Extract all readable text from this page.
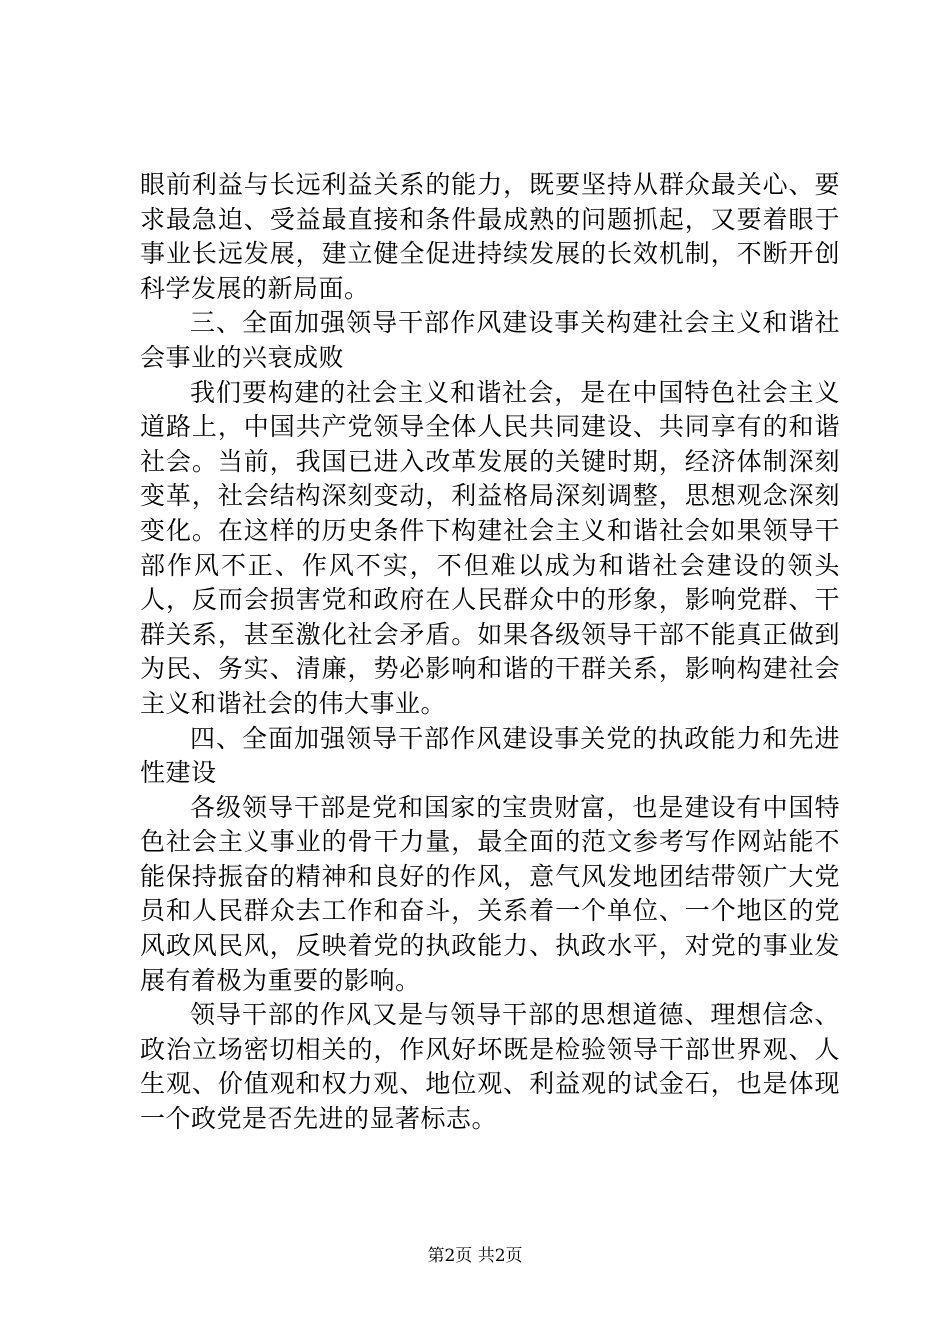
眼前利益与长远利益关系的能力，既要坚持从群众最关心、要求最急迫、受益最直接和条件最成熟的问题抓起，又要着眼于事业长远发展，建立健全促进持续发展的长效机制，不断开创科学发展的新局面。

三、全面加强领导干部作风建设事关构建社会主义和谐社会事业的兴衰成败

我们要构建的社会主义和谐社会，是在中国特色社会主义道路上，中国共产党领导全体人民共同建设、共同享有的和谐社会。当前，我国已进入改革发展的关键时期，经济体制深刻变革，社会结构深刻变动，利益格局深刻调整，思想观念深刻变化。在这样的历史条件下构建社会主义和谐社会如果领导干部作风不正、作风不实，不但难以成为和谐社会建设的领头人，反而会损害党和政府在人民群众中的形象，影响党群、干群关系，甚至激化社会矛盾。如果各级领导干部不能真正做到为民、务实、清廉，势必影响和谐的干群关系，影响构建社会主义和谐社会的伟大事业。

四、全面加强领导干部作风建设事关党的执政能力和先进性建设

各级领导干部是党和国家的宝贵财富，也是建设有中国特色社会主义事业的骨干力量，最全面的范文参考写作网站能不能保持振奋的精神和良好的作风，意气风发地团结带领广大党员和人民群众去工作和奋斗，关系着一个单位、一个地区的党风政风民风，反映着党的执政能力、执政水平，对党的事业发展有着极为重要的影响。

领导干部的作风又是与领导干部的思想道德、理想信念、政治立场密切相关的，作风好坏既是检验领导干部世界观、人生观、价值观和权力观、地位观、利益观的试金石，也是体现一个政党是否先进的显著标志。

第2页 共2页
